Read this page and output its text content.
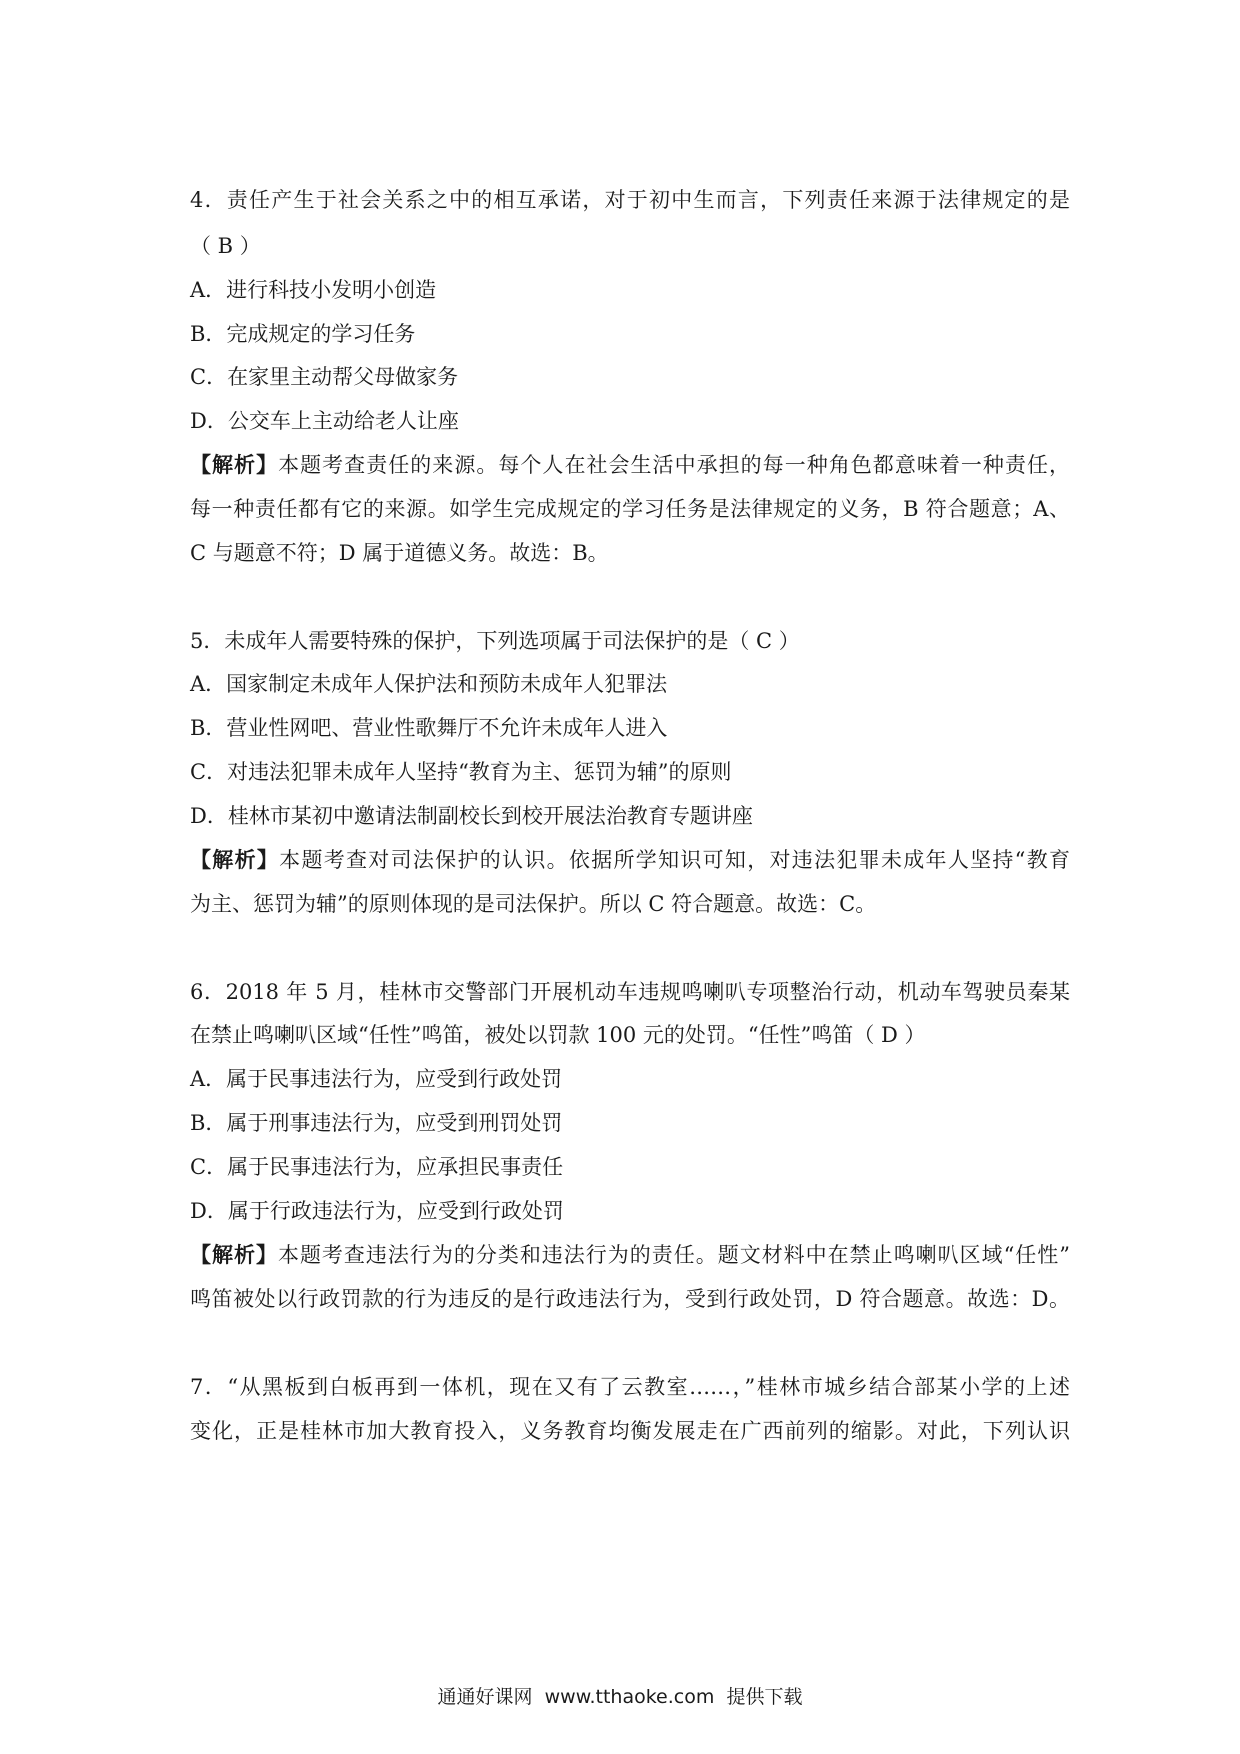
4．责任产生于社会关系之中的相互承诺，对于初中生而言，下列责任来源于法律规定的是
（ B ）
A．进行科技小发明小创造
B．完成规定的学习任务
C．在家里主动帮父母做家务
D．公交车上主动给老人让座
【解析】本题考查责任的来源。每个人在社会生活中承担的每一种角色都意味着一种责任，
每一种责任都有它的来源。如学生完成规定的学习任务是法律规定的义务，B 符合题意；A、
C 与题意不符；D 属于道德义务。故选：B。
5．未成年人需要特殊的保护，下列选项属于司法保护的是（ C ）
A．国家制定未成年人保护法和预防未成年人犯罪法
B．营业性网吧、营业性歌舞厅不允许未成年人进入
C．对违法犯罪未成年人坚持“教育为主、惩罚为辅”的原则
D．桂林市某初中邀请法制副校长到校开展法治教育专题讲座
【解析】本题考查对司法保护的认识。依据所学知识可知，对违法犯罪未成年人坚持“教育
为主、惩罚为辅”的原则体现的是司法保护。所以 C 符合题意。故选：C。
6．2018 年 5 月，桂林市交警部门开展机动车违规鸣喇叭专项整治行动，机动车驾驶员秦某
在禁止鸣喇叭区域“任性”鸣笛，被处以罚款 100 元的处罚。“任性”鸣笛（ D ）
A．属于民事违法行为，应受到行政处罚
B．属于刑事违法行为，应受到刑罚处罚
C．属于民事违法行为，应承担民事责任
D．属于行政违法行为，应受到行政处罚
【解析】本题考查违法行为的分类和违法行为的责任。题文材料中在禁止鸣喇叭区域“任性”
鸣笛被处以行政罚款的行为违反的是行政违法行为，受到行政处罚，D 符合题意。故选：D。
7．“从黑板到白板再到一体机，现在又有了云教室……，”桂林市城乡结合部某小学的上述
变化，正是桂林市加大教育投入，义务教育均衡发展走在广西前列的缩影。对此，下列认识
通通好课网 www.tthaoke.com 提供下载
